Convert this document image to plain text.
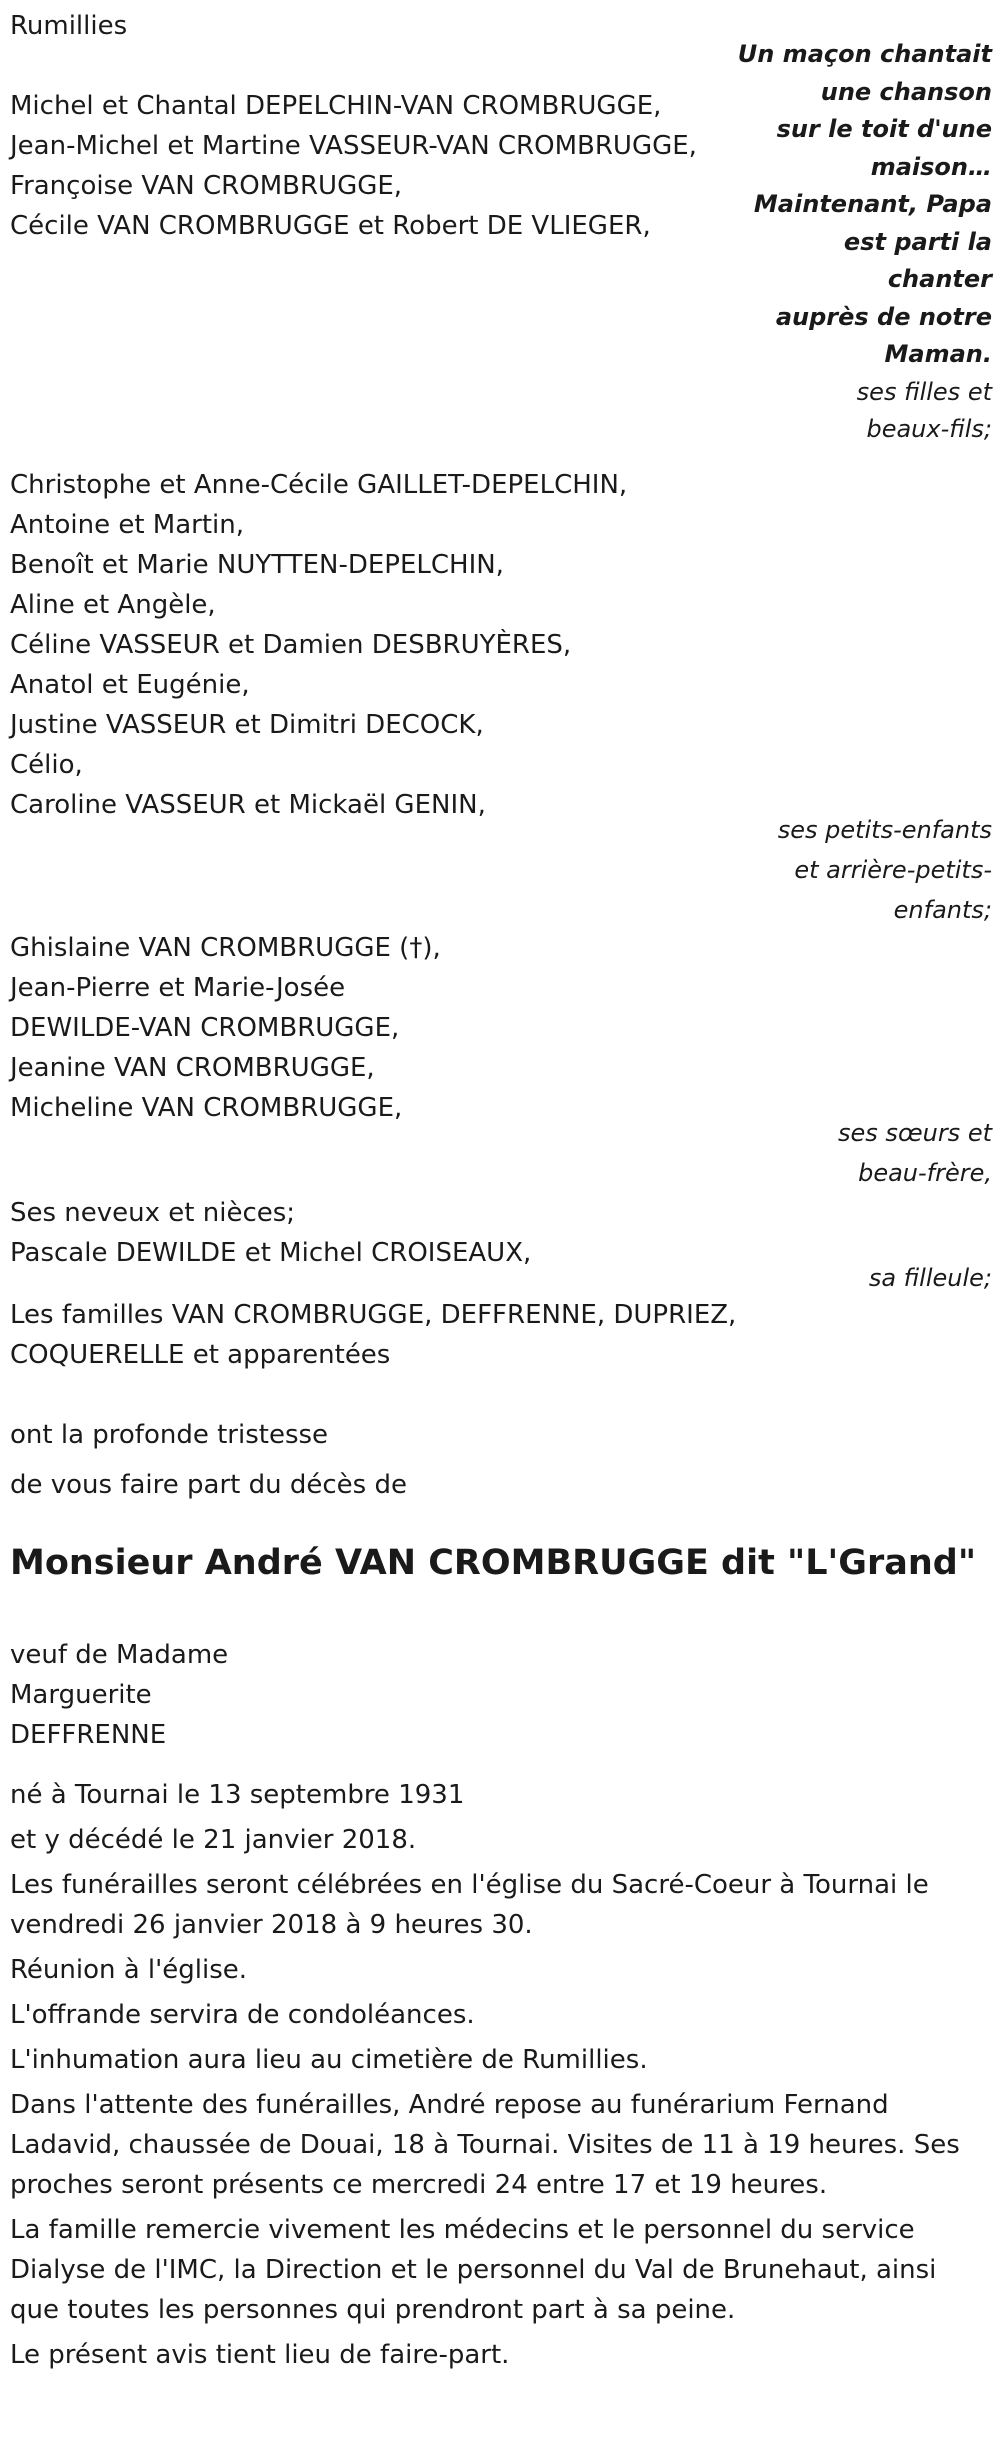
Rumillies
Un maçon chantait
une chanson
sur le toit d'une
maison…
Maintenant, Papa
est parti la
chanter
auprès de notre
Maman.
ses filles et
beaux-fils;
Michel et Chantal DEPELCHIN-VAN CROMBRUGGE,
Jean-Michel et Martine VASSEUR-VAN CROMBRUGGE,
Françoise VAN CROMBRUGGE,
Cécile VAN CROMBRUGGE et Robert DE VLIEGER,
Christophe et Anne-Cécile GAILLET-DEPELCHIN,
Antoine et Martin,
Benoît et Marie NUYTTEN-DEPELCHIN,
Aline et Angèle,
Céline VASSEUR et Damien DESBRUYÈRES,
Anatol et Eugénie,
Justine VASSEUR et Dimitri DECOCK,
Célio,
Caroline VASSEUR et Mickaël GENIN,
ses petits-enfants
et arrière-petits-
enfants;
Ghislaine VAN CROMBRUGGE (†),
Jean-Pierre et Marie-Josée
DEWILDE-VAN CROMBRUGGE,
Jeanine VAN CROMBRUGGE,
Micheline VAN CROMBRUGGE,
ses sœurs et
beau-frère,
Ses neveux et nièces;
Pascale DEWILDE et Michel CROISEAUX,
sa filleule;
Les familles VAN CROMBRUGGE, DEFFRENNE, DUPRIEZ,
COQUERELLE et apparentées
ont la profonde tristesse
de vous faire part du décès de
Monsieur André VAN CROMBRUGGE dit "L'Grand"
veuf de Madame
Marguerite
DEFFRENNE
né à Tournai le 13 septembre 1931
et y décédé le 21 janvier 2018.
Les funérailles seront célébrées en l'église du Sacré-Coeur à Tournai le vendredi 26 janvier 2018 à 9 heures 30.
Réunion à l'église.
L'offrande servira de condoléances.
L'inhumation aura lieu au cimetière de Rumillies.
Dans l'attente des funérailles, André repose au funérarium Fernand Ladavid, chaussée de Douai, 18 à Tournai. Visites de 11 à 19 heures. Ses proches seront présents ce mercredi 24 entre 17 et 19 heures.
La famille remercie vivement les médecins et le personnel du service Dialyse de l'IMC, la Direction et le personnel du Val de Brunehaut, ainsi que toutes les personnes qui prendront part à sa peine.
Le présent avis tient lieu de faire-part.
